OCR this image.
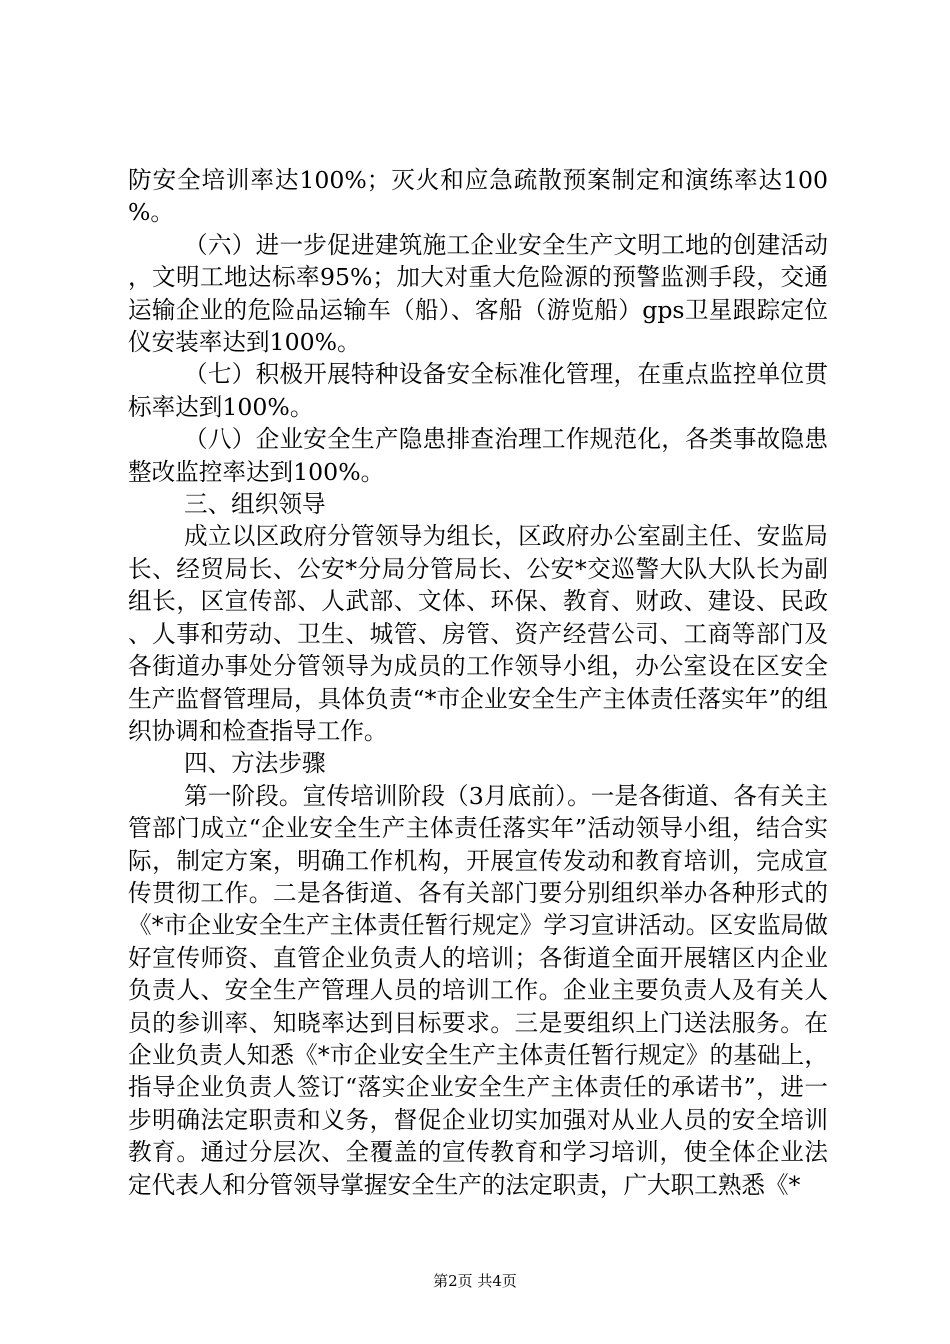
防安全培训率达100%；灭火和应急疏散预案制定和演练率达100%。

（六）进一步促进建筑施工企业安全生产文明工地的创建活动，文明工地达标率95%；加大对重大危险源的预警监测手段，交通运输企业的危险品运输车（船）、客船（游览船）gps卫星跟踪定位仪安装率达到100%。

（七）积极开展特种设备安全标准化管理，在重点监控单位贯标率达到100%。

（八）企业安全生产隐患排查治理工作规范化，各类事故隐患整改监控率达到100%。

三、组织领导

成立以区政府分管领导为组长，区政府办公室副主任、安监局长、经贸局长、公安*分局分管局长、公安*交巡警大队大队长为副组长，区宣传部、人武部、文体、环保、教育、财政、建设、民政、人事和劳动、卫生、城管、房管、资产经营公司、工商等部门及各街道办事处分管领导为成员的工作领导小组，办公室设在区安全生产监督管理局，具体负责“*市企业安全生产主体责任落实年”的组织协调和检查指导工作。

四、方法步骤

第一阶段。宣传培训阶段（3月底前）。一是各街道、各有关主管部门成立“企业安全生产主体责任落实年”活动领导小组，结合实际，制定方案，明确工作机构，开展宣传发动和教育培训，完成宣传贯彻工作。二是各街道、各有关部门要分别组织举办各种形式的《*市企业安全生产主体责任暂行规定》学习宣讲活动。区安监局做好宣传师资、直管企业负责人的培训；各街道全面开展辖区内企业负责人、安全生产管理人员的培训工作。企业主要负责人及有关人员的参训率、知晓率达到目标要求。三是要组织上门送法服务。在企业负责人知悉《*市企业安全生产主体责任暂行规定》的基础上，指导企业负责人签订“落实企业安全生产主体责任的承诺书”，进一步明确法定职责和义务，督促企业切实加强对从业人员的安全培训教育。通过分层次、全覆盖的宣传教育和学习培训，使全体企业法定代表人和分管领导掌握安全生产的法定职责，广大职工熟悉《*

第2页 共4页
